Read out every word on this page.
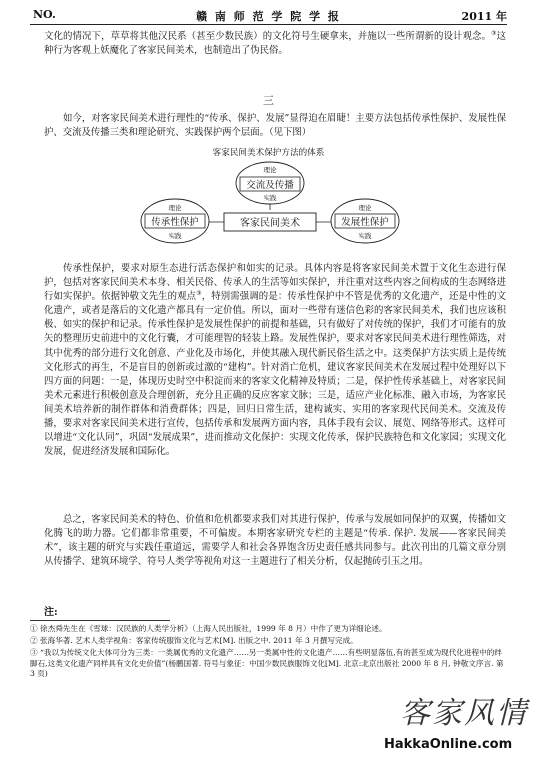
NO.	赣 南 师 范 学 院 学 报	2011 年

文化的情况下，草草将其他汉民系（甚至少数民族）的文化符号生硬拿来，并施以一些所谓新的设计观念。③这种行为客观上妖魔化了客家民间美术，也制造出了伪民俗。

三

如今，对客家民间美术进行理性的“传承、保护、发展”显得迫在眉睫！主要方法包括传承性保护、发展性保护、交流及传播三类和理论研究、实践保护两个层面。（见下图）

客家民间美术保护方法的体系
理论
交流及传播
实践
理论
传承性保护
实践
客家民间美术
理论
发展性保护
实践

传承性保护，要求对原生态进行活态保护和如实的记录。具体内容是将客家民间美术置于文化生态进行保护，包括对客家民间美术本身、相关民俗、传承人的生活等如实保护，并注重对这些内容之间构成的生态网络进行如实保护。依据钟敬文先生的观点③，特别需强调的是：传承性保护中不管是优秀的文化遗产，还是中性的文化遗产，或者是落后的文化遗产都具有一定价值。所以，面对一些带有迷信色彩的客家民间美术，我们也应该积极、如实的保护和记录。传承性保护是发展性保护的前提和基础，只有做好了对传统的保护，我们才可能有的放矢的整理历史前进中的文化行囊，才可能理智的轻装上路。发展性保护，要求对客家民间美术进行理性筛选，对其中优秀的部分进行文化创意、产业化及市场化，并使其融入现代新民俗生活之中。这类保护方法实质上是传统文化形式的再生，不是盲目的创新或过激的“建构”。针对消亡危机，建议客家民间美术在发展过程中处理好以下四方面的问题：一是，体现历史时空中积淀而来的客家文化精神及特质；二是，保护性传承基础上，对客家民间美术元素进行积极创意及合理创新，充分且正确的反应客家文脉；三是，适应产业化标准、融入市场，为客家民间美术培养新的制作群体和消费群体；四是，回归日常生活，建构诚实、实用的客家现代民间美术。交流及传播，要求对客家民间美术进行宣传，包括传承和发展两方面内容，具体手段有会议、展览、网络等形式。这样可以增进“文化认同”，巩固“发展成果”，进而推动文化保护：实现文化传承，保护民族特色和文化家园；实现文化发展，促进经济发展和国际化。

总之，客家民间美术的特色、价值和危机都要求我们对其进行保护，传承与发展如同保护的双翼，传播如文化腾飞的助力器。它们都非常重要，不可偏废。本期客家研究专栏的主题是“传承. 保护. 发展——客家民间美术”，该主题的研究与实践任重道远，需要学人和社会各界饱含历史责任感共同参与。此次刊出的几篇文章分别从传播学、建筑环境学、符号人类学等视角对这一主题进行了相关分析，仅起抛砖引玉之用。

注:

① 徐杰舜先生在《雪球：汉民族的人类学分析》（上海人民出版社，1999 年 8 月）中作了更为详细论述。

② 张海华著. 艺术人类学视角：客家传统服饰文化与艺术[M]. 出版之中. 2011 年 3 月撰写完成。

③ “我以为传统文化大体可分为三类：一类属优秀的文化遗产……另一类属中性的文化遗产……有些明显落伍,有的甚至成为现代化进程中的绊脚石,这类文化遗产同样具有文化史价值”(杨鹏国著. 符号与象征：中国少数民族服饰文化[M]. 北京:北京出版社 2000 年 8 月, 钟敬文序言. 第 3 页)

客家风情
HakkaOnline.com
